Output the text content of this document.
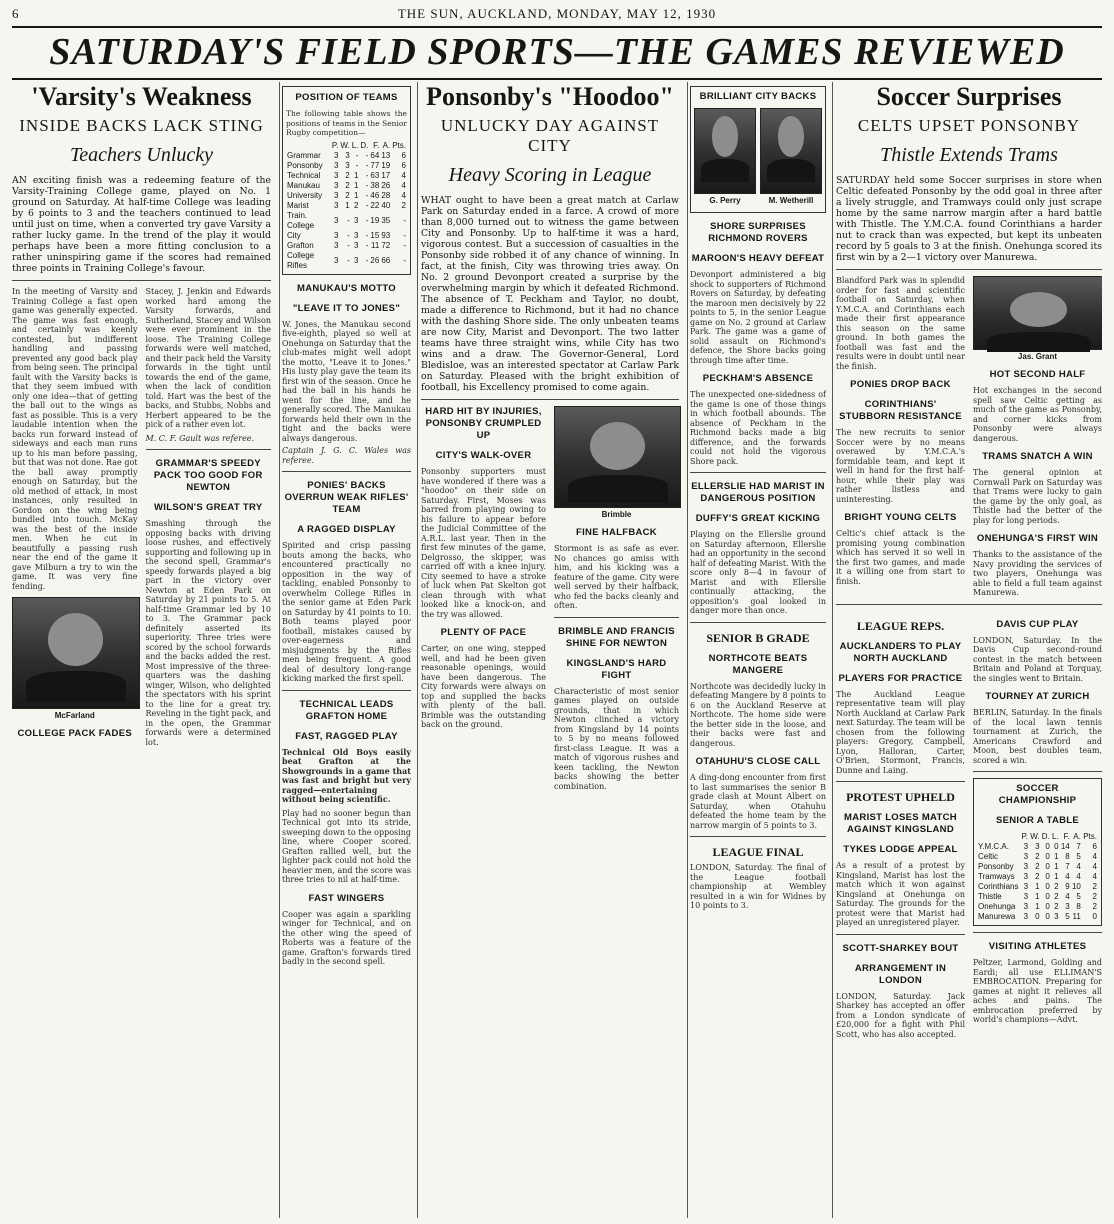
6	THE SUN, AUCKLAND, MONDAY, MAY 12, 1930
SATURDAY'S FIELD SPORTS—THE GAMES REVIEWED
'Varsity's Weakness
INSIDE BACKS LACK STING
Teachers Unlucky

AN exciting finish was a redeeming feature of the Varsity-Training College game, played on No. 1 ground on Saturday. At half-time College was leading by 6 points to 3 and the teachers continued to lead until just on time, when a converted try gave Varsity a rather lucky game. In the trend of the play it would perhaps have been a more fitting conclusion to a rather uninspiring game if the scores had remained three points in Training College's favour.

In the meeting of Varsity and Training College a fast open game was generally expected. The game was fast enough, and certainly was keenly contested, but indifferent handling and passing prevented any good back play from being seen. The principal fault with the Varsity backs is that they seem imbued with only one idea—that of getting the ball out to the wings as fast as possible. This is a very laudable intention when the backs run forward instead of sideways and each man runs up to his man before passing, but that was not done. Rae got the ball away promptly enough on Saturday, but the old method of attack, in most instances, only resulted in Gordon on the wing being bundled into touch. McKay was the best of the inside men. When he cut in beautifully a passing rush near the end of the game it gave Milburn a try to win the game. It was very fine fending.
McFarland
COLLEGE PACK FADES
Stacey, J. Jenkin and Edwards worked hard among the Varsity forwards, and Sutherland, Stacey and Wilson were ever prominent in the loose. The Training College forwards were well matched, and their pack held the Varsity forwards in the tight until towards the end of the game, when the lack of condition told. Hart was the best of the backs, and Stubbs, Nobbs and Herbert appeared to be the pick of a rather even lot.
M. C. F. Gault was referee.
GRAMMAR'S SPEEDY PACK TOO GOOD FOR NEWTON
WILSON'S GREAT TRY
Smashing through the opposing backs with driving loose rushes, and effectively supporting and following up in the second spell, Grammar's speedy forwards played a big part in the victory over Newton at Eden Park on Saturday by 21 points to 5. At half-time Grammar led by 10 to 3. The Grammar pack definitely asserted its superiority. Three tries were scored by the school forwards and the backs added the rest. Most impressive of the three-quarters was the dashing winger, Wilson, who delighted the spectators with his sprint to the line for a great try. Reveling in the tight pack, and in the open, the Grammar forwards were a determined lot.
POSITION OF TEAMS
The following table shows the positions of teams in the Senior Rugby competition—
	P.	W.	L.	D.	F.	A.	Pts.
Grammar	3	3	-	-	64	13	6
Ponsonby	3	3	-	-	77	19	6
Technical	3	2	1	-	63	17	4
Manukau	3	2	1	-	38	26	4
University	3	2	1	-	46	28	4
Marist	3	1	2	-	22	40	2
Train. College	3	-	3	-	19	35	-
City	3	-	3	-	15	93	-
Grafton	3	-	3	-	11	72	-
College Rifles	3	-	3	-	26	66	-
MANUKAU'S MOTTO
"LEAVE IT TO JONES"
W. Jones, the Manukau second five-eighth, played so well at Onehunga on Saturday that the club-mates might well adopt the motto, "Leave it to Jones." His lusty play gave the team its first win of the season. Once he had the ball in his hands he went for the line, and he generally scored. The Manukau forwards held their own in the tight and the backs were always dangerous.
Captain J. G. C. Wales was referee.
PONIES' BACKS OVERRUN WEAK RIFLES' TEAM
A RAGGED DISPLAY
Spirited and crisp passing bouts among the backs, who encountered practically no opposition in the way of tackling, enabled Ponsonby to overwhelm College Rifles in the senior game at Eden Park on Saturday by 41 points to 10. Both teams played poor football, mistakes caused by over-eagerness and misjudgments by the Rifles men being frequent. A good deal of desultory long-range kicking marked the first spell.
TECHNICAL LEADS GRAFTON HOME
FAST, RAGGED PLAY
Technical Old Boys easily beat Grafton at the Showgrounds in a game that was fast and bright but very ragged—entertaining without being scientific.
Play had no sooner begun than Technical got into its stride, sweeping down to the opposing line, where Cooper scored. Grafton rallied well, but the lighter pack could not hold the heavier men, and the score was three tries to nil at half-time.
FAST WINGERS
Cooper was again a sparkling winger for Technical, and on the other wing the speed of Roberts was a feature of the game. Grafton's forwards tired badly in the second spell.
Ponsonby's "Hoodoo"
UNLUCKY DAY AGAINST CITY
Heavy Scoring in League

WHAT ought to have been a great match at Carlaw Park on Saturday ended in a farce. A crowd of more than 8,000 turned out to witness the game between City and Ponsonby. Up to half-time it was a hard, vigorous contest. But a succession of casualties in the Ponsonby side robbed it of any chance of winning. In fact, at the finish, City was throwing tries away. On No. 2 ground Devonport created a surprise by the overwhelming margin by which it defeated Richmond. The absence of T. Peckham and Taylor, no doubt, made a difference to Richmond, but it had no chance with the dashing Shore side. The only unbeaten teams are now City, Marist and Devonport. The two latter teams have three straight wins, while City has two wins and a draw. The Governor-General, Lord Bledisloe, was an interested spectator at Carlaw Park on Saturday. Pleased with the bright exhibition of football, his Excellency promised to come again.

HARD HIT BY INJURIES, PONSONBY CRUMPLED UP
CITY'S WALK-OVER
Ponsonby supporters must have wondered if there was a "hoodoo" on their side on Saturday. First, Moses was barred from playing owing to his failure to appear before the Judicial Committee of the A.R.L. last year. Then in the first few minutes of the game, Delgrosso, the skipper, was carried off with a knee injury. City seemed to have a stroke of luck when Pat Skelton got clean through with what looked like a knock-on, and the try was allowed.
PLENTY OF PACE
Carter, on one wing, stepped well, and had he been given reasonable openings, would have been dangerous. The City forwards were always on top and supplied the backs with plenty of the ball. Brimble was the outstanding back on the ground.
Brimble
FINE HALFBACK
Stormont is as safe as ever. No chances go amiss with him, and his kicking was a feature of the game. City were well served by their halfback, who fed the backs cleanly and often.
BRIMBLE AND FRANCIS SHINE FOR NEWTON
KINGSLAND'S HARD FIGHT
Characteristic of most senior games played on outside grounds, that in which Newton clinched a victory from Kingsland by 14 points to 5 by no means followed first-class League. It was a match of vigorous rushes and keen tackling, the Newton backs showing the better combination.
BRILLIANT CITY BACKS
G. Perry	M. Wetherill
SHORE SURPRISES RICHMOND ROVERS
MAROON'S HEAVY DEFEAT
Devonport administered a big shock to supporters of Richmond Rovers on Saturday, by defeating the maroon men decisively by 22 points to 5, in the senior League game on No. 2 ground at Carlaw Park. The game was a game of solid assault on Richmond's defence, the Shore backs going through time after time.
PECKHAM'S ABSENCE
The unexpected one-sidedness of the game is one of those things in which football abounds. The absence of Peckham in the Richmond backs made a big difference, and the forwards could not hold the vigorous Shore pack.
ELLERSLIE HAD MARIST IN DANGEROUS POSITION
DUFFY'S GREAT KICKING
Playing on the Ellerslie ground on Saturday afternoon, Ellerslie had an opportunity in the second half of defeating Marist. With the score only 8—4 in favour of Marist and with Ellerslie continually attacking, the opposition's goal looked in danger more than once.
SENIOR B GRADE
NORTHCOTE BEATS MANGERE
Northcote was decidedly lucky in defeating Mangere by 8 points to 6 on the Auckland Reserve at Northcote. The home side were the better side in the loose, and their backs were fast and dangerous.
OTAHUHU'S CLOSE CALL
A ding-dong encounter from first to last summarises the senior B grade clash at Mount Albert on Saturday, when Otahuhu defeated the home team by the narrow margin of 5 points to 3.
LEAGUE FINAL
LONDON, Saturday. The final of the League football championship at Wembley resulted in a win for Widnes by 10 points to 3.
Soccer Surprises
CELTS UPSET PONSONBY
Thistle Extends Trams

SATURDAY held some Soccer surprises in store when Celtic defeated Ponsonby by the odd goal in three after a lively struggle, and Tramways could only just scrape home by the same narrow margin after a hard battle with Thistle. The Y.M.C.A. found Corinthians a harder nut to crack than was expected, but kept its unbeaten record by 5 goals to 3 at the finish. Onehunga scored its first win by a 2—1 victory over Manurewa.

Blandford Park was in splendid order for fast and scientific football on Saturday, when Y.M.C.A. and Corinthians each made their first appearance this season on the same ground. In both games the football was fast and the results were in doubt until near the finish.
PONIES DROP BACK
CORINTHIANS' STUBBORN RESISTANCE
The new recruits to senior Soccer were by no means overawed by Y.M.C.A.'s formidable team, and kept it well in hand for the first half-hour, while their play was rather listless and uninteresting.
BRIGHT YOUNG CELTS
Celtic's chief attack is the promising young combination which has served it so well in the first two games, and made it a willing one from start to finish.
Jas. Grant
HOT SECOND HALF
Hot exchanges in the second spell saw Celtic getting as much of the game as Ponsonby, and corner kicks from Ponsonby were always dangerous.
TRAMS SNATCH A WIN
The general opinion at Cornwall Park on Saturday was that Trams were lucky to gain the game by the only goal, as Thistle had the better of the play for long periods.
ONEHUNGA'S FIRST WIN
Thanks to the assistance of the Navy providing the services of two players, Onehunga was able to field a full team against Manurewa.
LEAGUE REPS.
AUCKLANDERS TO PLAY NORTH AUCKLAND
PLAYERS FOR PRACTICE
The Auckland League representative team will play North Auckland at Carlaw Park next Saturday. The team will be chosen from the following players: Gregory, Campbell, Lyon, Halloran, Carter, O'Brien, Stormont, Francis, Dunne and Laing.
PROTEST UPHELD
MARIST LOSES MATCH AGAINST KINGSLAND
TYKES LODGE APPEAL
As a result of a protest by Kingsland, Marist has lost the match which it won against Kingsland at Onehunga on Saturday. The grounds for the protest were that Marist had played an unregistered player.
SCOTT-SHARKEY BOUT
ARRANGEMENT IN LONDON
LONDON, Saturday. Jack Sharkey has accepted an offer from a London syndicate of £20,000 for a fight with Phil Scott, who has also accepted.
DAVIS CUP PLAY
LONDON, Saturday. In the Davis Cup second-round contest in the match between Britain and Poland at Torquay, the singles went to Britain.
TOURNEY AT ZURICH
BERLIN, Saturday. In the finals of the local lawn tennis tournament at Zurich, the Americans Crawford and Moon, best doubles team, scored a win.
SOCCER CHAMPIONSHIP
SENIOR A TABLE
	P.	W.	D.	L.	F.	A.	Pts.
Y.M.C.A.	3	3	0	0	14	7	6
Celtic	3	2	0	1	8	5	4
Ponsonby	3	2	0	1	7	4	4
Tramways	3	2	0	1	4	4	4
Corinthians	3	1	0	2	9	10	2
Thistle	3	1	0	2	4	5	2
Onehunga	3	1	0	2	3	8	2
Manurewa	3	0	0	3	5	11	0
VISITING ATHLETES
Peltzer, Larmond, Golding and Eardi; all use ELLIMAN'S EMBROCATION. Preparing for games at night it relieves all aches and pains. The embrocation preferred by world's champions—Advt.
